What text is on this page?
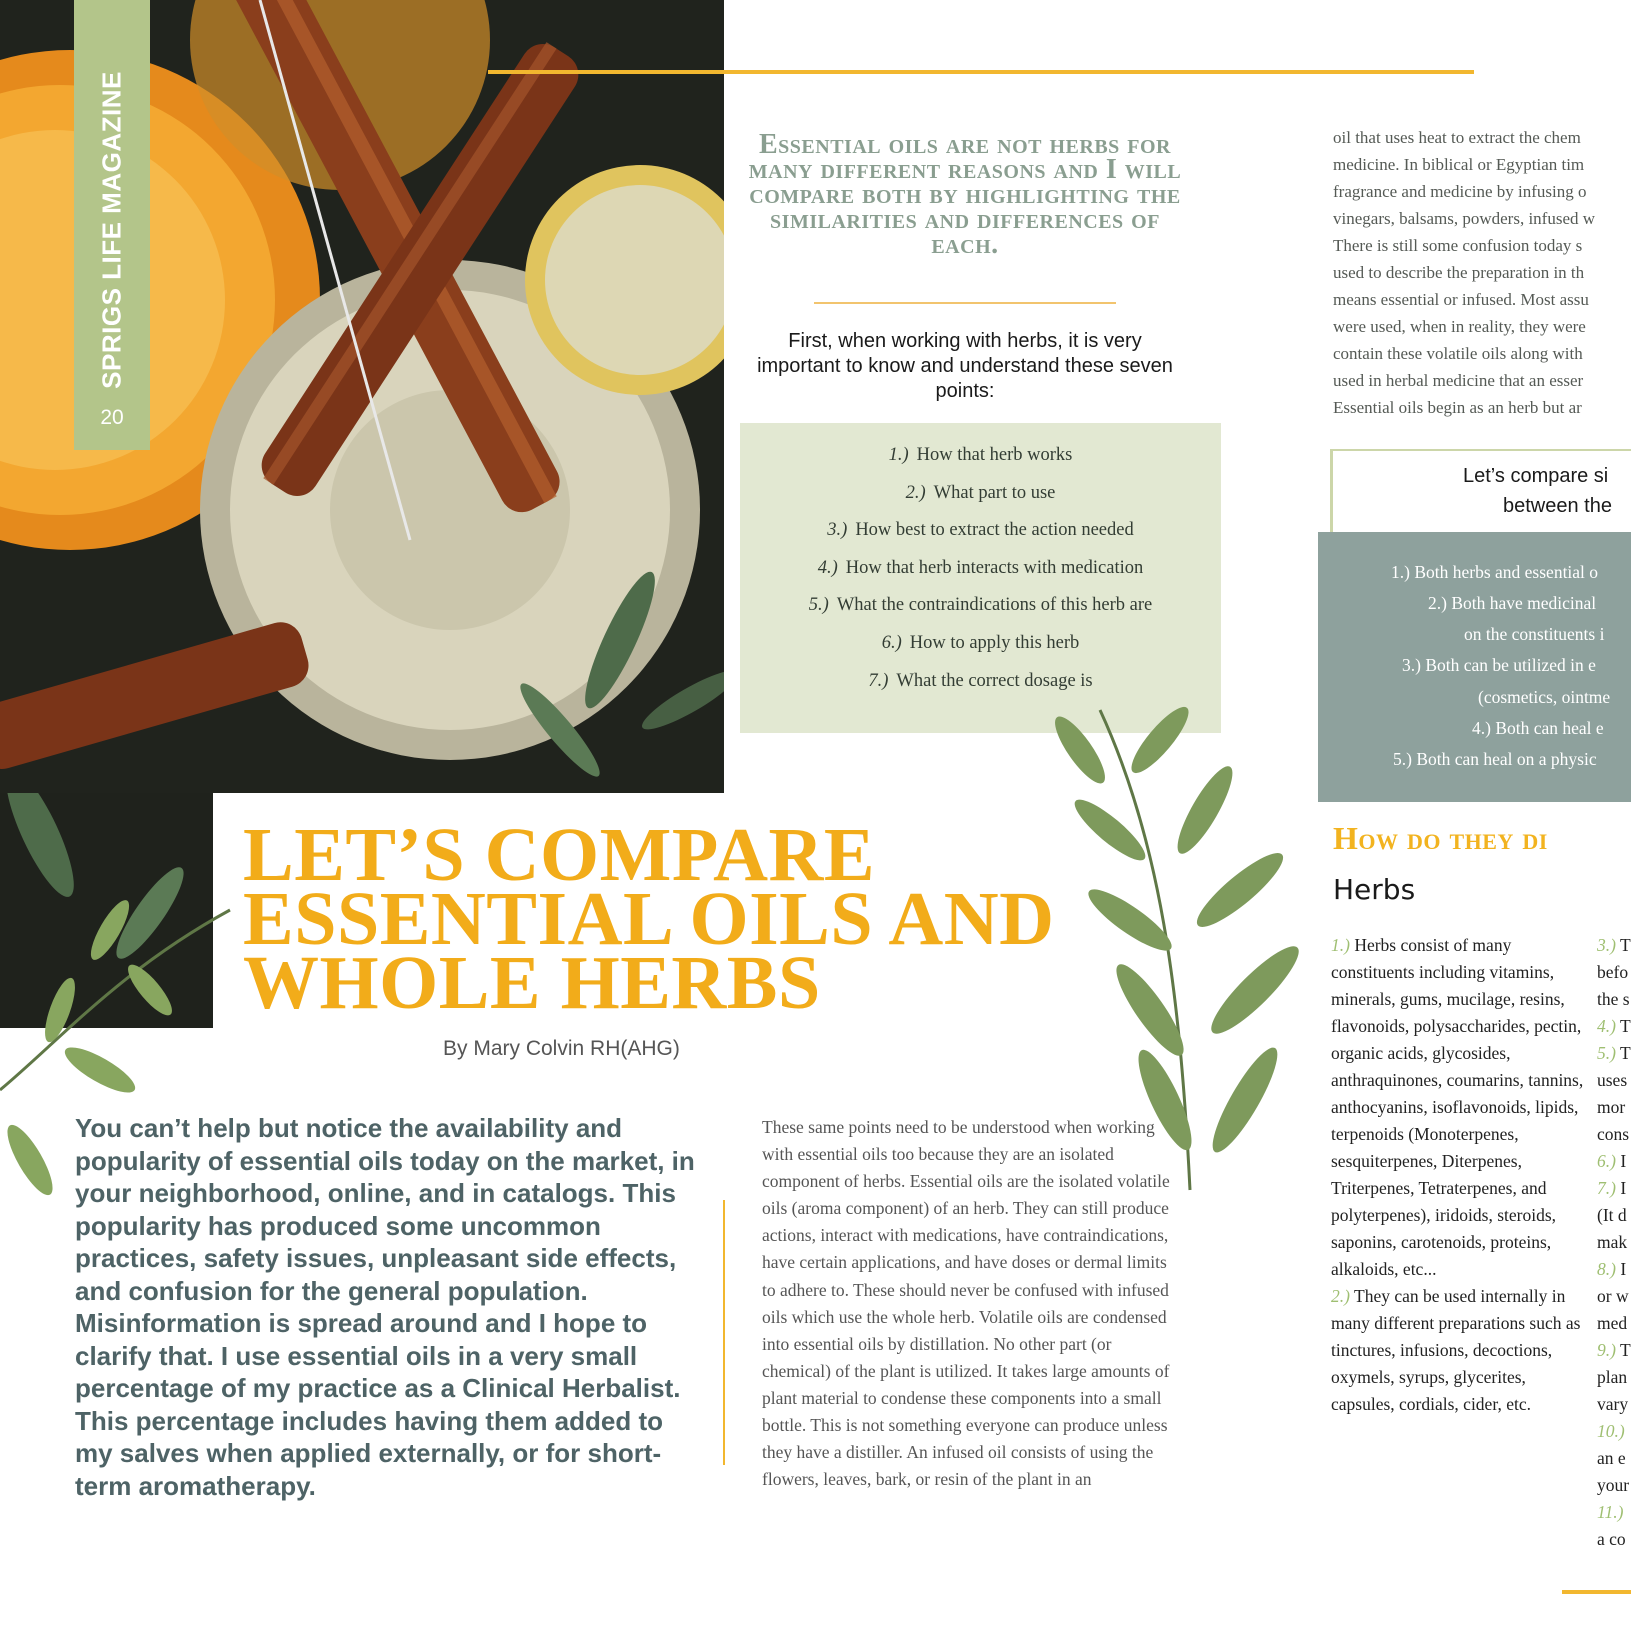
SPRIGS LIFE MAGAZINE
20
Essential oils are not herbs for many different reasons and I will compare both by highlighting the similarities and differences of each.
First, when working with herbs, it is very important to know and understand these seven points:
1.) How that herb works
2.) What part to use
3.) How best to extract the action needed
4.) How that herb interacts with medication
5.) What the contraindications of this herb are
6.) How to apply this herb
7.) What the correct dosage is
oil that uses heat to extract the chem
medicine. In biblical or Egyptian tim
fragrance and medicine by infusing o
vinegars, balsams, powders, infused w
There is still some confusion today s
used to describe the preparation in th
means essential or infused. Most assu
were used, when in reality, they were
contain these volatile oils along with
used in herbal medicine that an esser
Essential oils begin as an herb but ar
Let’s compare si
between the
1.) Both herbs and essential o
2.) Both have medicinal
on the constituents i
3.) Both can be utilized in e
(cosmetics, ointme
4.) Both can heal e
5.) Both can heal on a physic
How do they di
Herbs
1.) Herbs consist of many constituents including vitamins, minerals, gums, mucilage, resins, flavonoids, polysaccharides, pectin, organic acids, glycosides, anthraquinones, coumarins, tannins, anthocyanins, isoflavonoids, lipids, terpenoids (Monoterpenes, sesquiterpenes, Diterpenes, Triterpenes, Tetraterpenes, and polyterpenes), iridoids, steroids, saponins, carotenoids, proteins, alkaloids, etc...
2.) They can be used internally in many different preparations such as tinctures, infusions, decoctions, oxymels, syrups, glycerites, capsules, cordials, cider, etc.
3.) T
befo
the s
4.) T
5.) T
uses
mor
cons
6.) I
7.) I
(It d
mak
8.) I
or w
med
9.) T
plan
vary
10.)
an e
your
11.)
a co
LET’S COMPARE
ESSENTIAL OILS AND
WHOLE HERBS
By Mary Colvin RH(AHG)
You can’t help but notice the availability and popularity of essential oils today on the market, in your neighborhood, online, and in catalogs. This popularity has produced some uncommon practices, safety issues, unpleasant side effects, and confusion for the general population. Misinformation is spread around and I hope to clarify that. I use essential oils in a very small percentage of my practice as a Clinical Herbalist. This percentage includes having them added to my salves when applied externally, or for short-term aromatherapy.
These same points need to be understood when working with essential oils too because they are an isolated component of herbs. Essential oils are the isolated volatile oils (aroma component) of an herb. They can still produce actions, interact with medications, have contraindications, have certain applications, and have doses or dermal limits to adhere to. These should never be confused with infused oils which use the whole herb. Volatile oils are condensed into essential oils by distillation. No other part (or chemical) of the plant is utilized. It takes large amounts of plant material to condense these components into a small bottle. This is not something everyone can produce unless they have a distiller. An infused oil consists of using the flowers, leaves, bark, or resin of the plant in an
